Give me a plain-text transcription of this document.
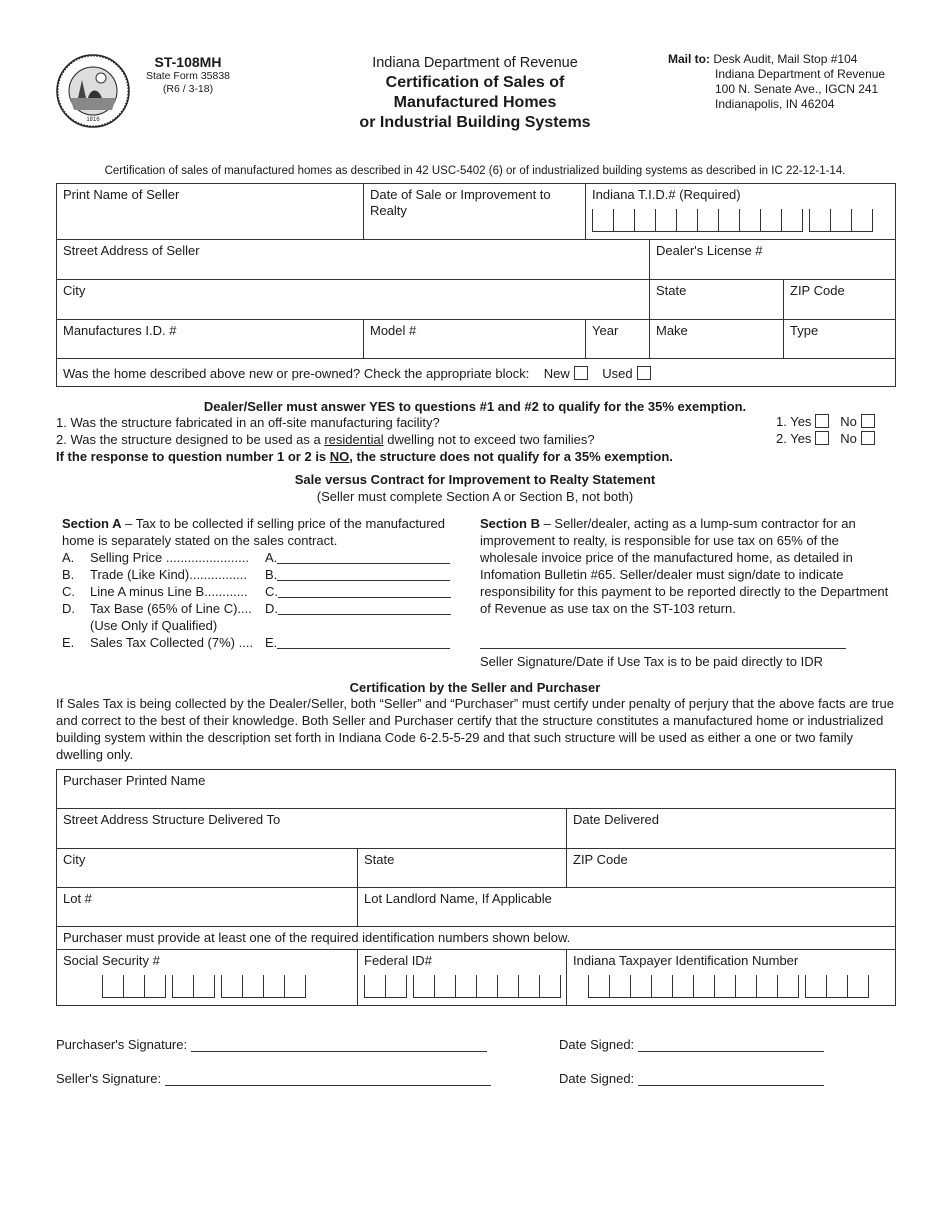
1816
ST-108MH
State Form 35838
(R6 / 3-18)
Indiana Department of Revenue
Certification of Sales of
Manufactured Homes
or Industrial Building Systems
Mail to: Desk Audit, Mail Stop #104
Indiana Department of Revenue
100 N. Senate Ave., IGCN 241
Indianapolis, IN 46204
Certification of sales of manufactured homes as described in 42 USC-5402 (6) or of industrialized building systems as described in IC 22-12-1-14.
Print Name of Seller	Date of Sale or Improvement to Realty	Indiana T.I.D.# (Required)		

Street Address of Seller			Dealer's License #	
City			State	ZIP Code
Manufactures I.D. #	Model #	Year	Make	Type
Was the home described above new or pre-owned? Check the appropriate block: New Used				
Dealer/Seller must answer YES to questions #1 and #2 to qualify for the 35% exemption.
1. Was the structure fabricated in an off-site manufacturing facility?
2. Was the structure designed to be used as a residential dwelling not to exceed two families?
1. Yes No
2. Yes No
If the response to question number 1 or 2 is NO, the structure does not qualify for a 35% exemption.
Sale versus Contract for Improvement to Realty Statement
(Seller must complete Section A or Section B, not both)
Section A – Tax to be collected if selling price of the manufactured home is separately stated on the sales contract.
A.	Selling Price .......................	A.
B.	Trade (Like Kind)................	B.
C.	Line A minus Line B............	C.
D.	Tax Base (65% of Line C)....	D.
(Use Only if Qualified)
E.	Sales Tax Collected (7%) .... E.
Section B – Seller/dealer, acting as a lump-sum contractor for an improvement to realty, is responsible for use tax on 65% of the wholesale invoice price of the manufactured home, as detailed in Infomation Bulletin #65. Seller/dealer must sign/date to indicate responsibility for this payment to be reported directly to the Department of Revenue as use tax on the ST-103 return.
Seller Signature/Date if Use Tax is to be paid directly to IDR
Certification by the Seller and Purchaser
If Sales Tax is being collected by the Dealer/Seller, both “Seller” and “Purchaser” must certify under penalty of perjury that the above facts are true and correct to the best of their knowledge. Both Seller and Purchaser certify that the structure constitutes a manufactured home or industrialized building system within the description set forth in Indiana Code 6-2.5-5-29 and that such structure will be used as either a one or two family dwelling only.
Purchaser Printed Name		
Street Address Structure Delivered To		Date Delivered
City	State	ZIP Code
Lot #	Lot Landlord Name, If Applicable	
Purchaser must provide at least one of the required identification numbers shown below.		
Social Security #	Federal ID#	Indiana Taxpayer Identification Number
Purchaser's Signature:	Date Signed:
Seller's Signature:	Date Signed:
